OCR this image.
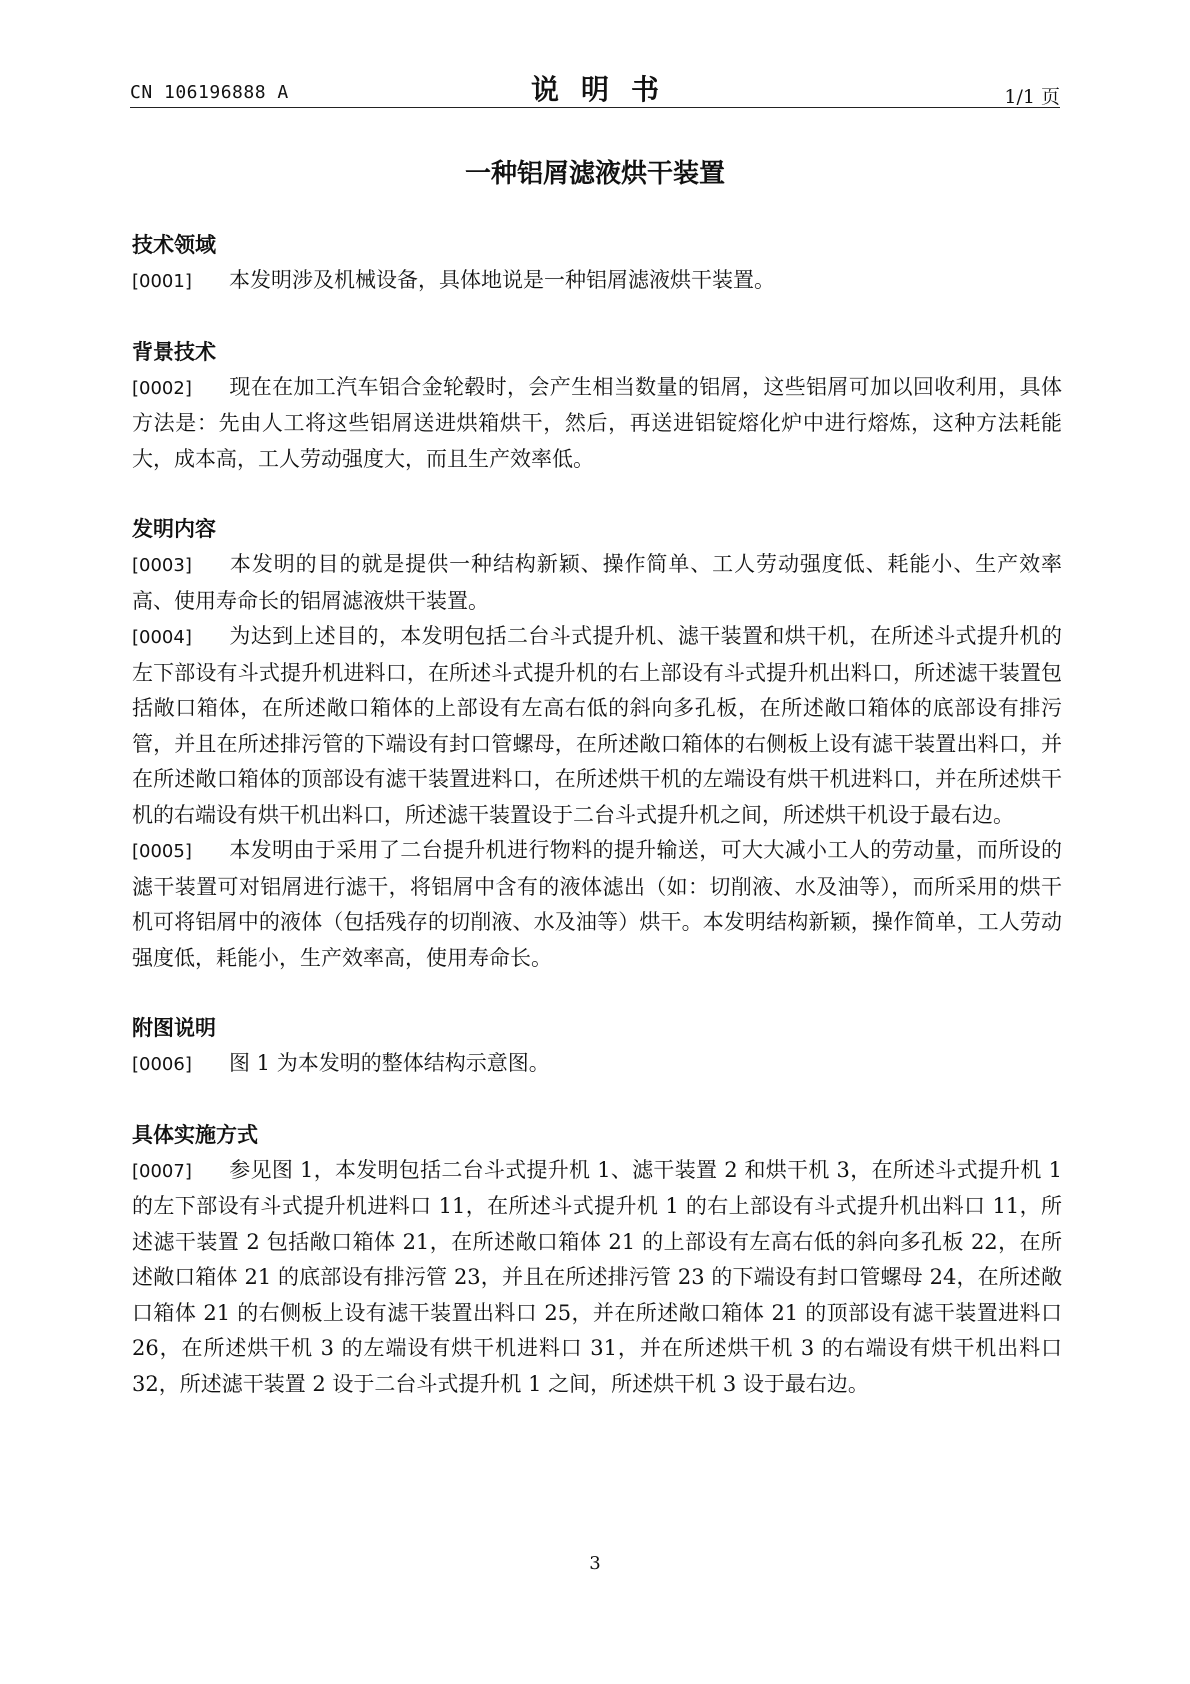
CN 106196888 A	说明书	1/1 页
一种铝屑滤液烘干装置
技术领域
[0001] 本发明涉及机械设备，具体地说是一种铝屑滤液烘干装置。
背景技术
[0002] 现在在加工汽车铝合金轮毂时，会产生相当数量的铝屑，这些铝屑可加以回收利用，具体方法是：先由人工将这些铝屑送进烘箱烘干，然后，再送进铝锭熔化炉中进行熔炼，这种方法耗能大，成本高，工人劳动强度大，而且生产效率低。
发明内容
[0003] 本发明的目的就是提供一种结构新颖、操作简单、工人劳动强度低、耗能小、生产效率高、使用寿命长的铝屑滤液烘干装置。
[0004] 为达到上述目的，本发明包括二台斗式提升机、滤干装置和烘干机，在所述斗式提升机的左下部设有斗式提升机进料口，在所述斗式提升机的右上部设有斗式提升机出料口，所述滤干装置包括敞口箱体，在所述敞口箱体的上部设有左高右低的斜向多孔板，在所述敞口箱体的底部设有排污管，并且在所述排污管的下端设有封口管螺母，在所述敞口箱体的右侧板上设有滤干装置出料口，并在所述敞口箱体的顶部设有滤干装置进料口，在所述烘干机的左端设有烘干机进料口，并在所述烘干机的右端设有烘干机出料口，所述滤干装置设于二台斗式提升机之间，所述烘干机设于最右边。
[0005] 本发明由于采用了二台提升机进行物料的提升输送，可大大减小工人的劳动量，而所设的滤干装置可对铝屑进行滤干，将铝屑中含有的液体滤出（如：切削液、水及油等），而所采用的烘干机可将铝屑中的液体（包括残存的切削液、水及油等）烘干。本发明结构新颖，操作简单，工人劳动强度低，耗能小，生产效率高，使用寿命长。
附图说明
[0006] 图 1 为本发明的整体结构示意图。
具体实施方式
[0007] 参见图 1，本发明包括二台斗式提升机 1、滤干装置 2 和烘干机 3，在所述斗式提升机 1 的左下部设有斗式提升机进料口 11，在所述斗式提升机 1 的右上部设有斗式提升机出料口 11，所述滤干装置 2 包括敞口箱体 21，在所述敞口箱体 21 的上部设有左高右低的斜向多孔板 22，在所述敞口箱体 21 的底部设有排污管 23，并且在所述排污管 23 的下端设有封口管螺母 24，在所述敞口箱体 21 的右侧板上设有滤干装置出料口 25，并在所述敞口箱体 21 的顶部设有滤干装置进料口 26，在所述烘干机 3 的左端设有烘干机进料口 31，并在所述烘干机 3 的右端设有烘干机出料口 32，所述滤干装置 2 设于二台斗式提升机 1 之间，所述烘干机 3 设于最右边。
3
